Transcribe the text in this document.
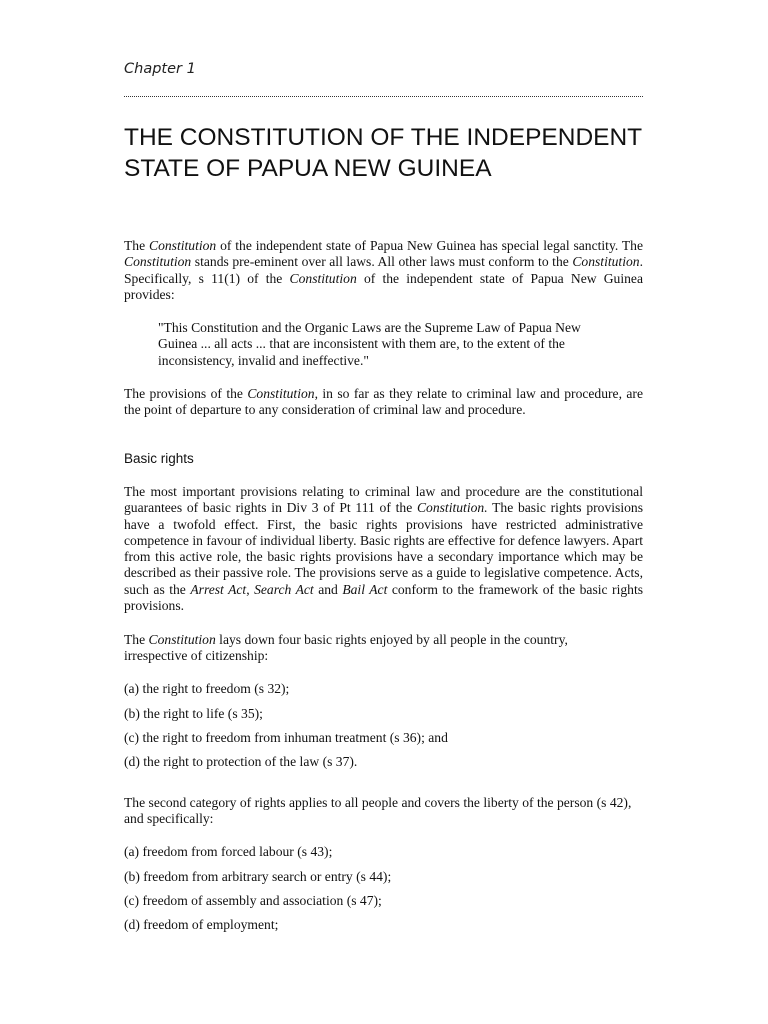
Chapter 1

THE CONSTITUTION OF THE INDEPENDENT STATE OF PAPUA NEW GUINEA

The Constitution of the independent state of Papua New Guinea has special legal sanctity. The Constitution stands pre-eminent over all laws. All other laws must conform to the Constitution. Specifically, s 11(1) of the Constitution of the independent state of Papua New Guinea provides:

"This Constitution and the Organic Laws are the Supreme Law of Papua New Guinea ... all acts ... that are inconsistent with them are, to the extent of the inconsistency, invalid and ineffective."

The provisions of the Constitution, in so far as they relate to criminal law and procedure, are the point of departure to any consideration of criminal law and procedure.

Basic rights

The most important provisions relating to criminal law and procedure are the constitutional guarantees of basic rights in Div 3 of Pt 111 of the Constitution. The basic rights provisions have a twofold effect. First, the basic rights provisions have restricted administrative competence in favour of individual liberty. Basic rights are effective for defence lawyers. Apart from this active role, the basic rights provisions have a secondary importance which may be described as their passive role. The provisions serve as a guide to legislative competence. Acts, such as the Arrest Act, Search Act and Bail Act conform to the framework of the basic rights provisions.

The Constitution lays down four basic rights enjoyed by all people in the country, irrespective of citizenship:

(a) the right to freedom (s 32);

(b) the right to life (s 35);

(c) the right to freedom from inhuman treatment (s 36); and

(d) the right to protection of the law (s 37).

The second category of rights applies to all people and covers the liberty of the person (s 42), and specifically:

(a) freedom from forced labour (s 43);

(b) freedom from arbitrary search or entry (s 44);

(c) freedom of assembly and association (s 47);

(d) freedom of employment;
